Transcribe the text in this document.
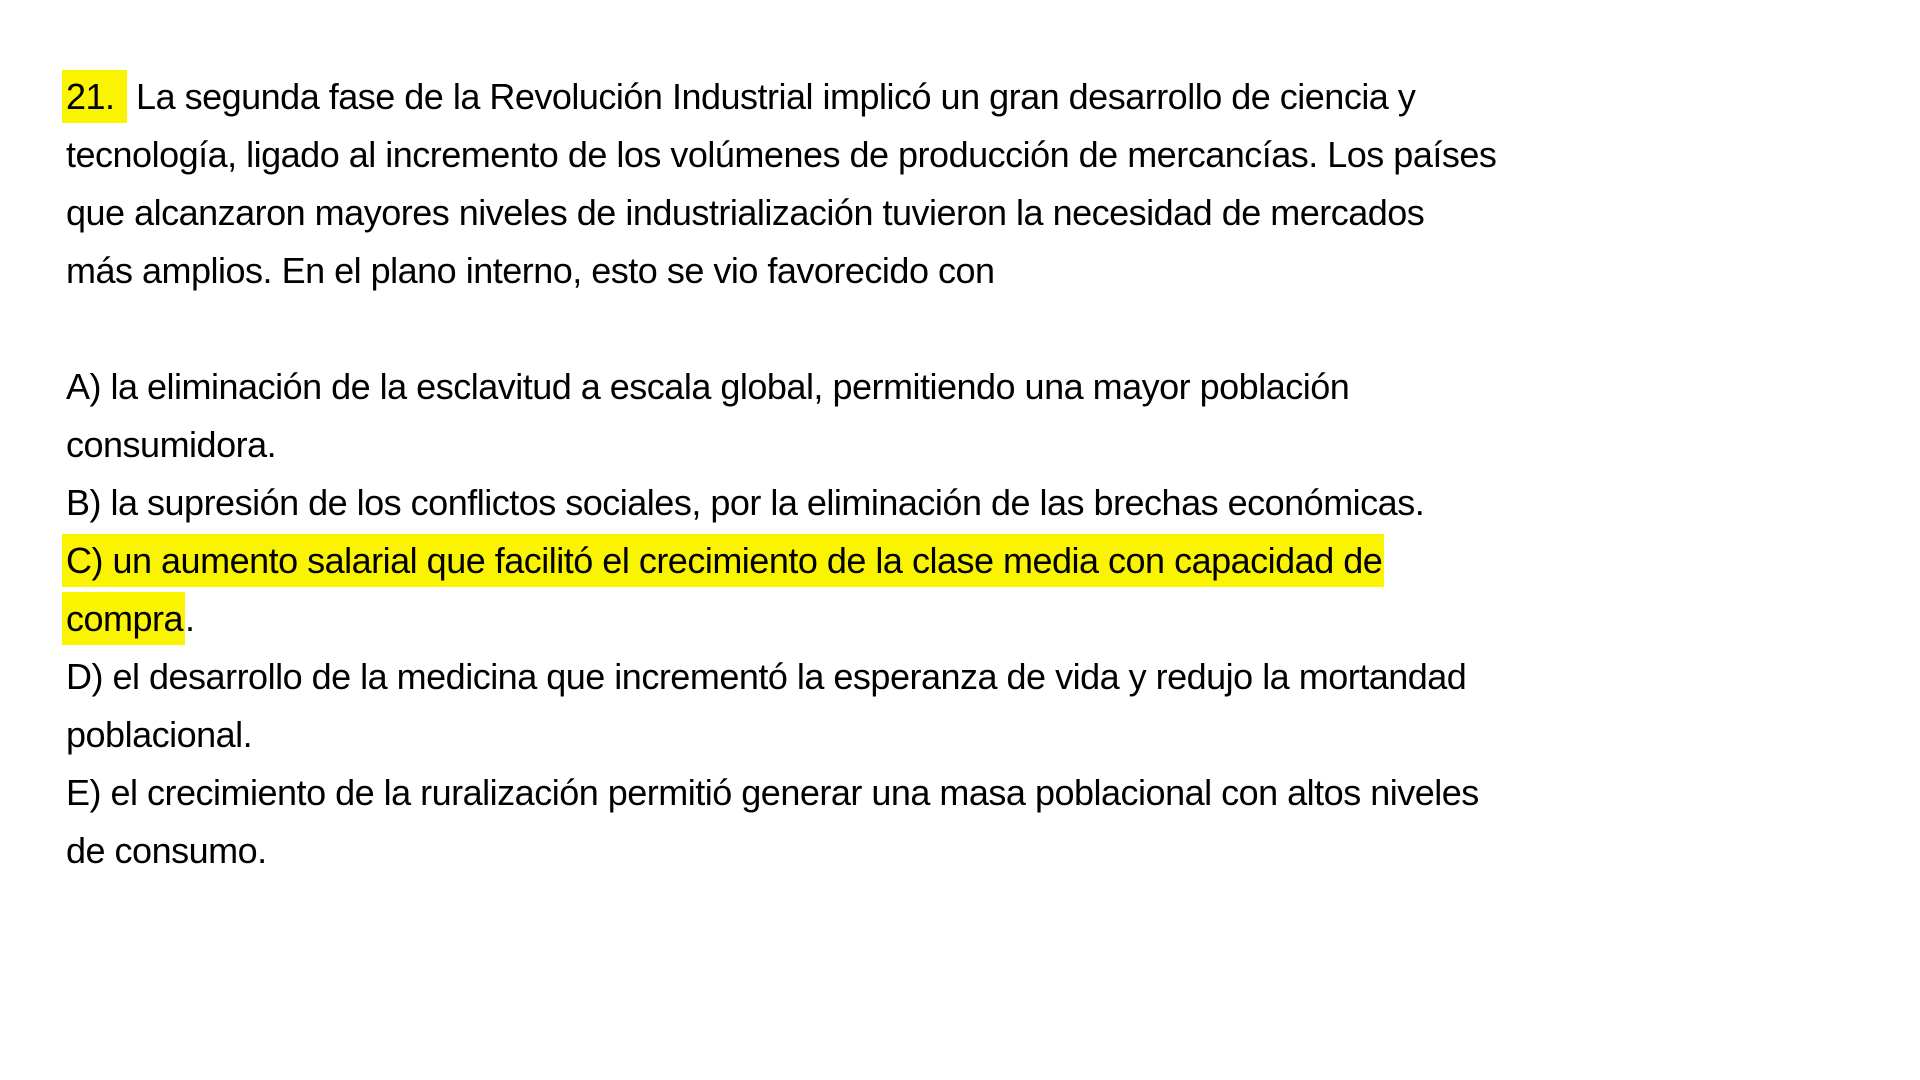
21. La segunda fase de la Revolución Industrial implicó un gran desarrollo de ciencia y

tecnología, ligado al incremento de los volúmenes de producción de mercancías. Los países

que alcanzaron mayores niveles de industrialización tuvieron la necesidad de mercados

más amplios. En el plano interno, esto se vio favorecido con

A) la eliminación de la esclavitud a escala global, permitiendo una mayor población

consumidora.

B) la supresión de los conflictos sociales, por la eliminación de las brechas económicas.

C) un aumento salarial que facilitó el crecimiento de la clase media con capacidad de

compra.

D) el desarrollo de la medicina que incrementó la esperanza de vida y redujo la mortandad

poblacional.

E) el crecimiento de la ruralización permitió generar una masa poblacional con altos niveles

de consumo.
